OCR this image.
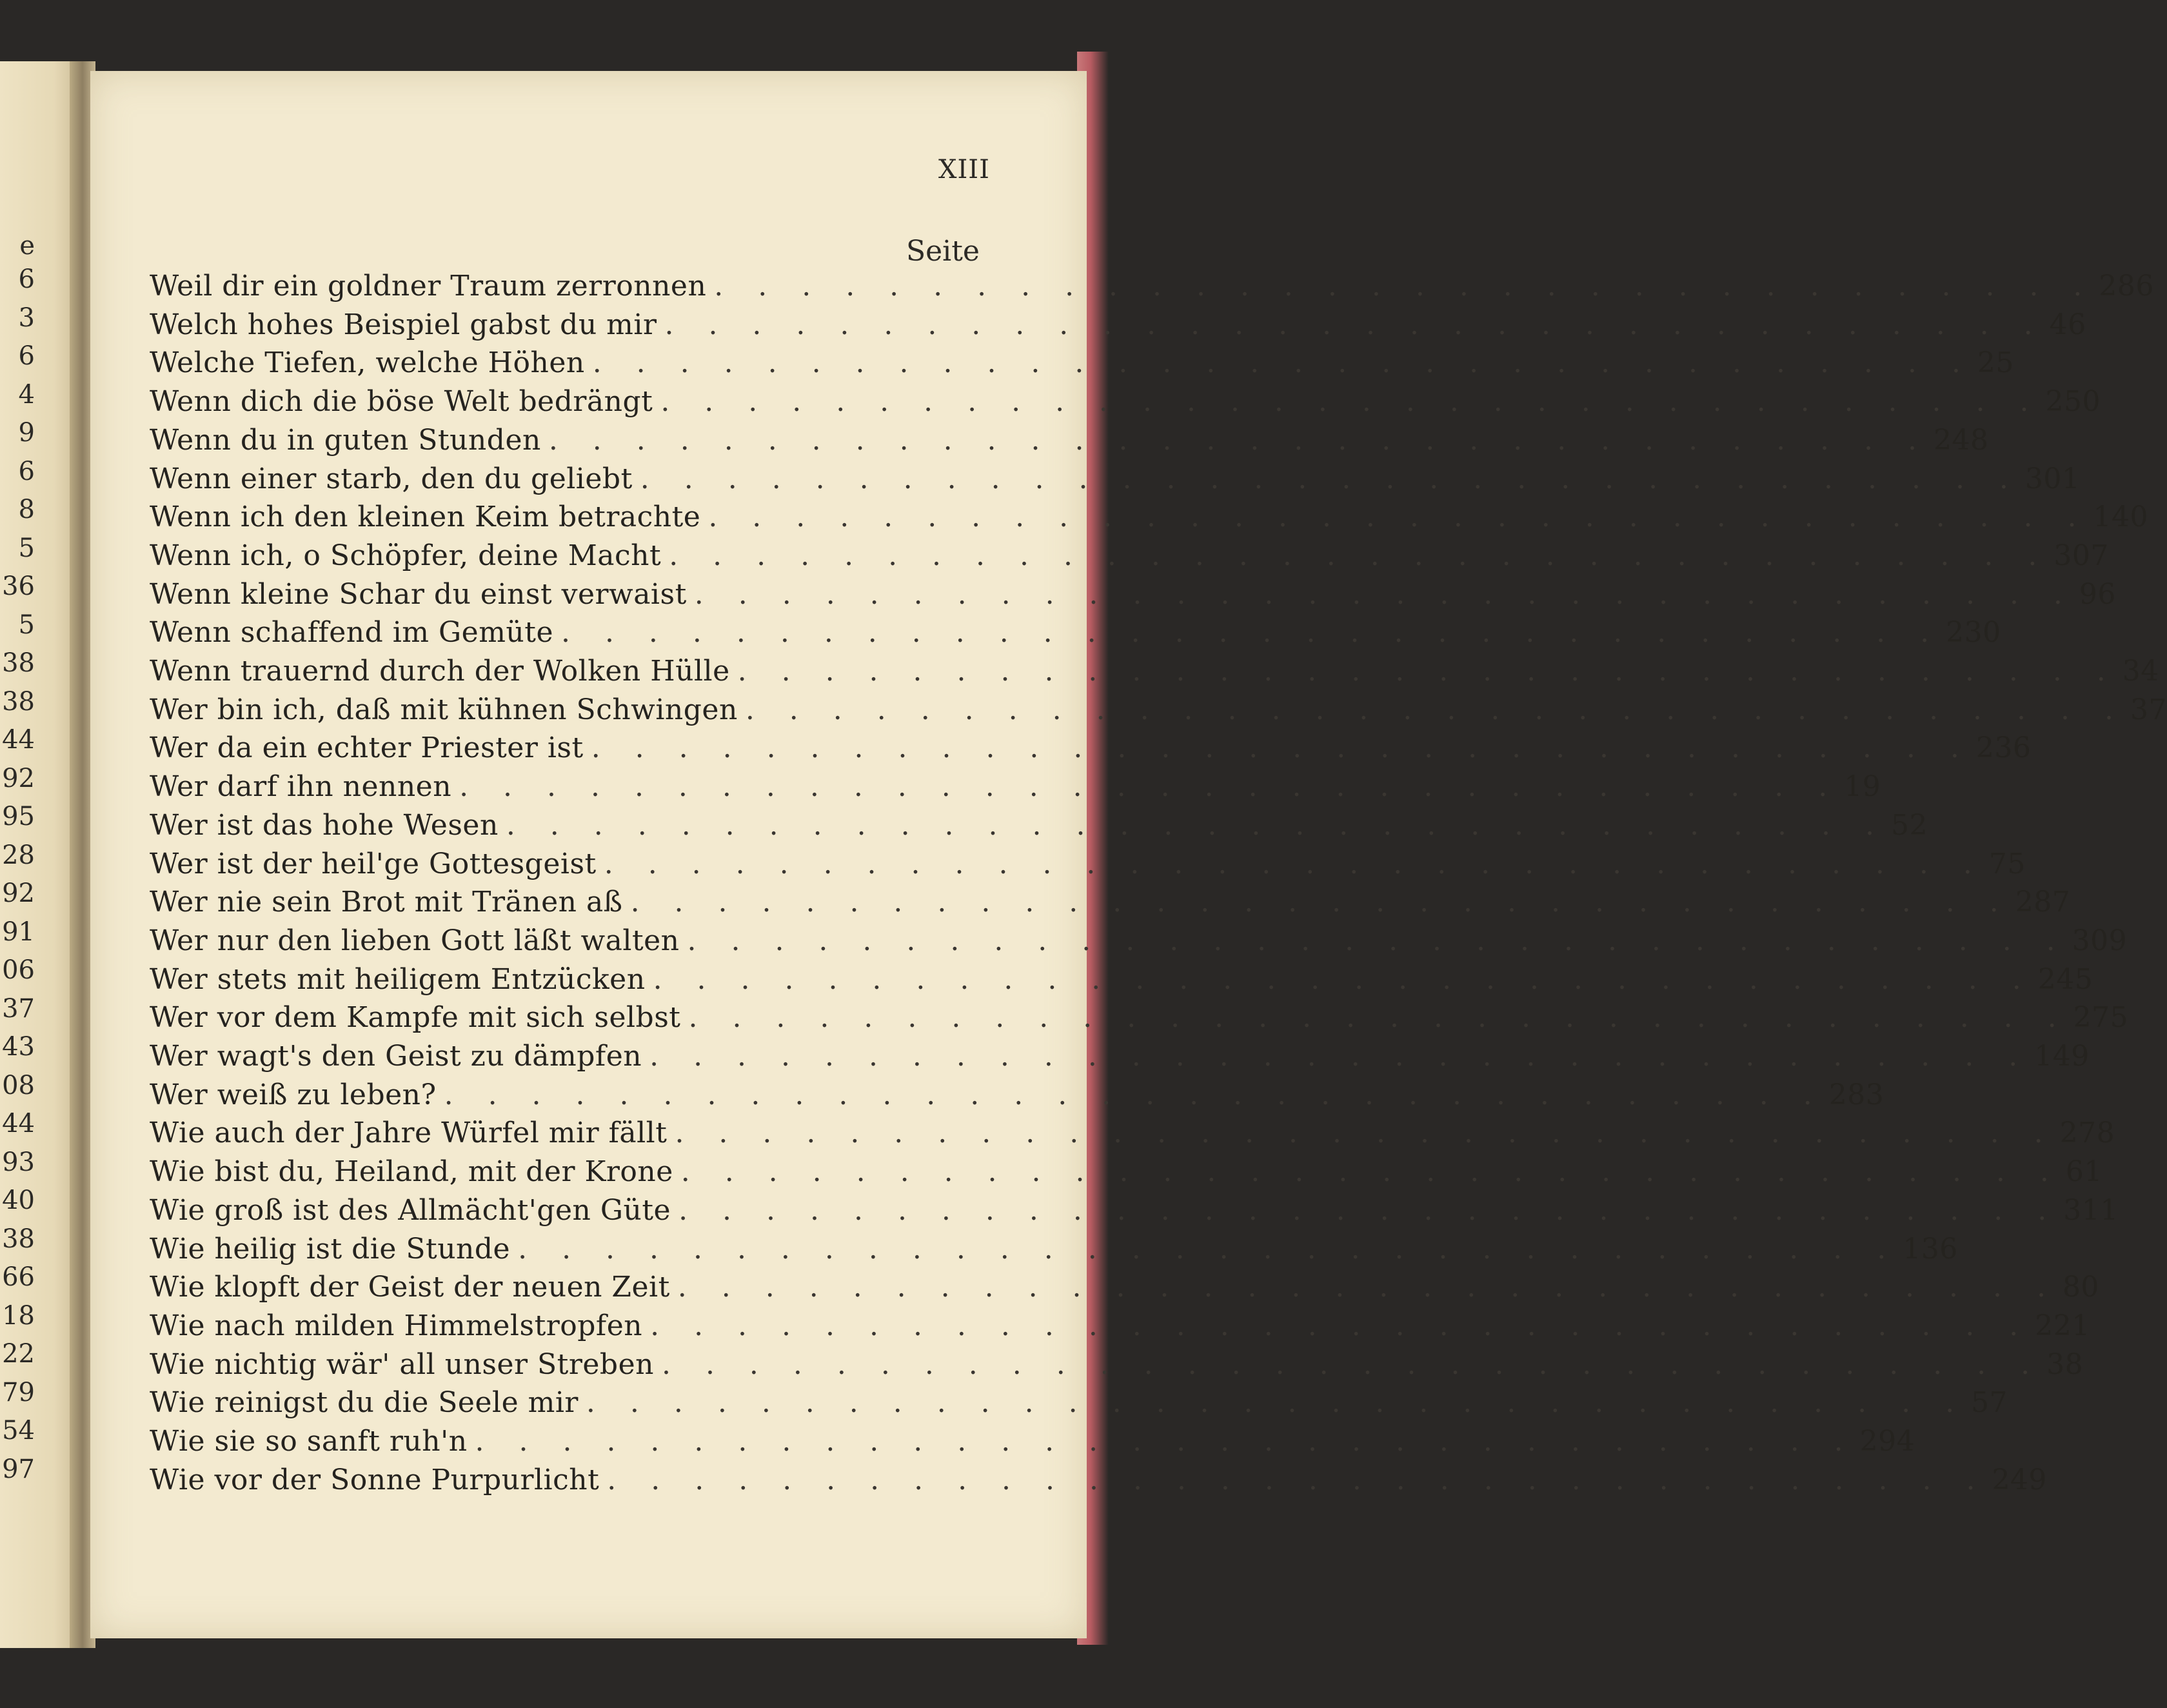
e
6
3
6
4
9
6
8
5
36
5
38
38
44
92
95
28
92
91
06
37
43
08
44
93
40
38
66
18
22
79
54
97
XIII
Seite
Weil dir ein goldner Traum zerronnen . . . . . . . . . . . . . . . . . . . . . . . . . . . . . . . . 286
Welch hohes Beispiel gabst du mir . . . . . . . . . . . . . . . . . . . . . . . . . . . . . . . . 46
Welche Tiefen, welche Höhen . . . . . . . . . . . . . . . . . . . . . . . . . . . . . . . . 25
Wenn dich die böse Welt bedrängt . . . . . . . . . . . . . . . . . . . . . . . . . . . . . . . . 250
Wenn du in guten Stunden . . . . . . . . . . . . . . . . . . . . . . . . . . . . . . . . 248
Wenn einer starb, den du geliebt . . . . . . . . . . . . . . . . . . . . . . . . . . . . . . . . 301
Wenn ich den kleinen Keim betrachte . . . . . . . . . . . . . . . . . . . . . . . . . . . . . . . . 140
Wenn ich, o Schöpfer, deine Macht . . . . . . . . . . . . . . . . . . . . . . . . . . . . . . . . 307
Wenn kleine Schar du einst verwaist . . . . . . . . . . . . . . . . . . . . . . . . . . . . . . . . 96
Wenn schaffend im Gemüte . . . . . . . . . . . . . . . . . . . . . . . . . . . . . . . . 230
Wenn trauernd durch der Wolken Hülle . . . . . . . . . . . . . . . . . . . . . . . . . . . . . . . . 34
Wer bin ich, daß mit kühnen Schwingen . . . . . . . . . . . . . . . . . . . . . . . . . . . . . . . . 37
Wer da ein echter Priester ist . . . . . . . . . . . . . . . . . . . . . . . . . . . . . . . . 236
Wer darf ihn nennen . . . . . . . . . . . . . . . . . . . . . . . . . . . . . . . . 19
Wer ist das hohe Wesen . . . . . . . . . . . . . . . . . . . . . . . . . . . . . . . . 52
Wer ist der heil'ge Gottesgeist . . . . . . . . . . . . . . . . . . . . . . . . . . . . . . . . 75
Wer nie sein Brot mit Tränen aß . . . . . . . . . . . . . . . . . . . . . . . . . . . . . . . . 287
Wer nur den lieben Gott läßt walten . . . . . . . . . . . . . . . . . . . . . . . . . . . . . . . . 309
Wer stets mit heiligem Entzücken . . . . . . . . . . . . . . . . . . . . . . . . . . . . . . . . 245
Wer vor dem Kampfe mit sich selbst . . . . . . . . . . . . . . . . . . . . . . . . . . . . . . . . 275
Wer wagt's den Geist zu dämpfen . . . . . . . . . . . . . . . . . . . . . . . . . . . . . . . . 149
Wer weiß zu leben? . . . . . . . . . . . . . . . . . . . . . . . . . . . . . . . . 283
Wie auch der Jahre Würfel mir fällt . . . . . . . . . . . . . . . . . . . . . . . . . . . . . . . . 278
Wie bist du, Heiland, mit der Krone . . . . . . . . . . . . . . . . . . . . . . . . . . . . . . . . 61
Wie groß ist des Allmächt'gen Güte . . . . . . . . . . . . . . . . . . . . . . . . . . . . . . . . 311
Wie heilig ist die Stunde . . . . . . . . . . . . . . . . . . . . . . . . . . . . . . . . 136
Wie klopft der Geist der neuen Zeit . . . . . . . . . . . . . . . . . . . . . . . . . . . . . . . . 80
Wie nach milden Himmelstropfen . . . . . . . . . . . . . . . . . . . . . . . . . . . . . . . . 221
Wie nichtig wär' all unser Streben . . . . . . . . . . . . . . . . . . . . . . . . . . . . . . . . 38
Wie reinigst du die Seele mir . . . . . . . . . . . . . . . . . . . . . . . . . . . . . . . . 57
Wie sie so sanft ruh'n . . . . . . . . . . . . . . . . . . . . . . . . . . . . . . . . 294
Wie vor der Sonne Purpurlicht . . . . . . . . . . . . . . . . . . . . . . . . . . . . . . . . 249
